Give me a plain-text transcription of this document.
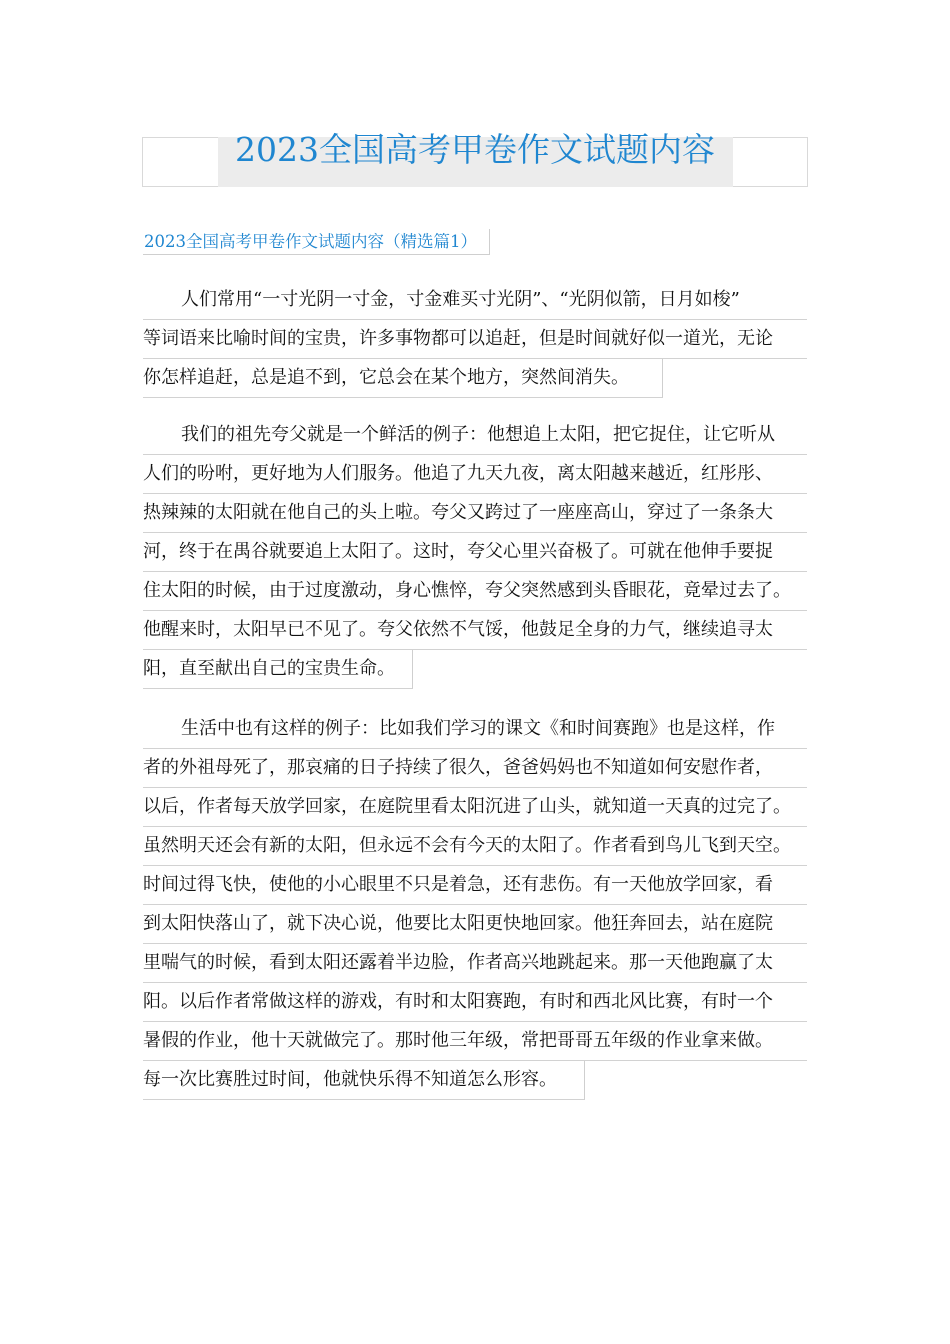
2023全国高考甲卷作文试题内容
2023全国高考甲卷作文试题内容（精选篇1）
人们常用“一寸光阴一寸金，寸金难买寸光阴”、“光阴似箭，日月如梭”
等词语来比喻时间的宝贵，许多事物都可以追赶，但是时间就好似一道光，无论
你怎样追赶，总是追不到，它总会在某个地方，突然间消失。
我们的祖先夸父就是一个鲜活的例子：他想追上太阳，把它捉住，让它听从
人们的吩咐，更好地为人们服务。他追了九天九夜，离太阳越来越近，红彤彤、
热辣辣的太阳就在他自己的头上啦。夸父又跨过了一座座高山，穿过了一条条大
河，终于在禺谷就要追上太阳了。这时，夸父心里兴奋极了。可就在他伸手要捉
住太阳的时候，由于过度激动，身心憔悴，夸父突然感到头昏眼花，竟晕过去了。
他醒来时，太阳早已不见了。夸父依然不气馁，他鼓足全身的力气，继续追寻太
阳，直至献出自己的宝贵生命。
生活中也有这样的例子：比如我们学习的课文《和时间赛跑》也是这样，作
者的外祖母死了，那哀痛的日子持续了很久，爸爸妈妈也不知道如何安慰作者，
以后，作者每天放学回家，在庭院里看太阳沉进了山头，就知道一天真的过完了。
虽然明天还会有新的太阳，但永远不会有今天的太阳了。作者看到鸟儿飞到天空。
时间过得飞快，使他的小心眼里不只是着急，还有悲伤。有一天他放学回家，看
到太阳快落山了，就下决心说，他要比太阳更快地回家。他狂奔回去，站在庭院
里喘气的时候，看到太阳还露着半边脸，作者高兴地跳起来。那一天他跑赢了太
阳。以后作者常做这样的游戏，有时和太阳赛跑，有时和西北风比赛，有时一个
暑假的作业，他十天就做完了。那时他三年级，常把哥哥五年级的作业拿来做。
每一次比赛胜过时间，他就快乐得不知道怎么形容。
